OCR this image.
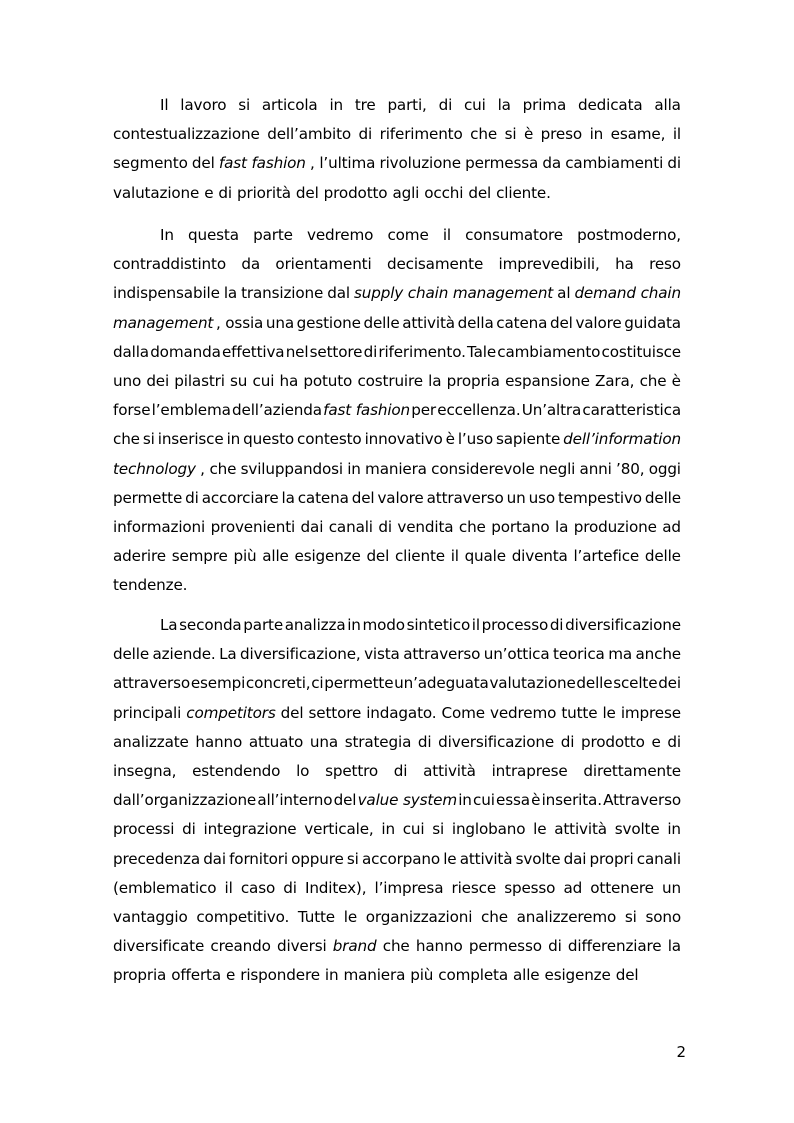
Il lavoro si articola in tre parti, di cui la prima dedicata alla
contestualizzazione dell’ambito di riferimento che si è preso in esame, il
segmento del fast fashion , l’ultima rivoluzione permessa da cambiamenti di
valutazione e di priorità del prodotto agli occhi del cliente.
In questa parte vedremo come il consumatore postmoderno,
contraddistinto da orientamenti decisamente imprevedibili, ha reso
indispensabile la transizione dal supply chain management al demand chain
management , ossia una gestione delle attività della catena del valore guidata
dalla domanda effettiva nel settore di riferimento. Tale cambiamento costituisce
uno dei pilastri su cui ha potuto costruire la propria espansione Zara, che è
forse l’emblema dell’azienda fast fashion per eccellenza. Un’altra caratteristica
che si inserisce in questo contesto innovativo è l’uso sapiente dell’information
technology , che sviluppandosi in maniera considerevole negli anni ’80, oggi
permette di accorciare la catena del valore attraverso un uso tempestivo delle
informazioni provenienti dai canali di vendita che portano la produzione ad
aderire sempre più alle esigenze del cliente il quale diventa l’artefice delle
tendenze.
La seconda parte analizza in modo sintetico il processo di diversificazione
delle aziende. La diversificazione, vista attraverso un’ottica teorica ma anche
attraverso esempi concreti, ci permette un’adeguata valutazione delle scelte dei
principali competitors del settore indagato. Come vedremo tutte le imprese
analizzate hanno attuato una strategia di diversificazione di prodotto e di
insegna, estendendo lo spettro di attività intraprese direttamente
dall’organizzazione all’interno del value system in cui essa è inserita. Attraverso
processi di integrazione verticale, in cui si inglobano le attività svolte in
precedenza dai fornitori oppure si accorpano le attività svolte dai propri canali
(emblematico il caso di Inditex), l’impresa riesce spesso ad ottenere un
vantaggio competitivo. Tutte le organizzazioni che analizzeremo si sono
diversificate creando diversi brand che hanno permesso di differenziare la
propria offerta e rispondere in maniera più completa alle esigenze del
2
